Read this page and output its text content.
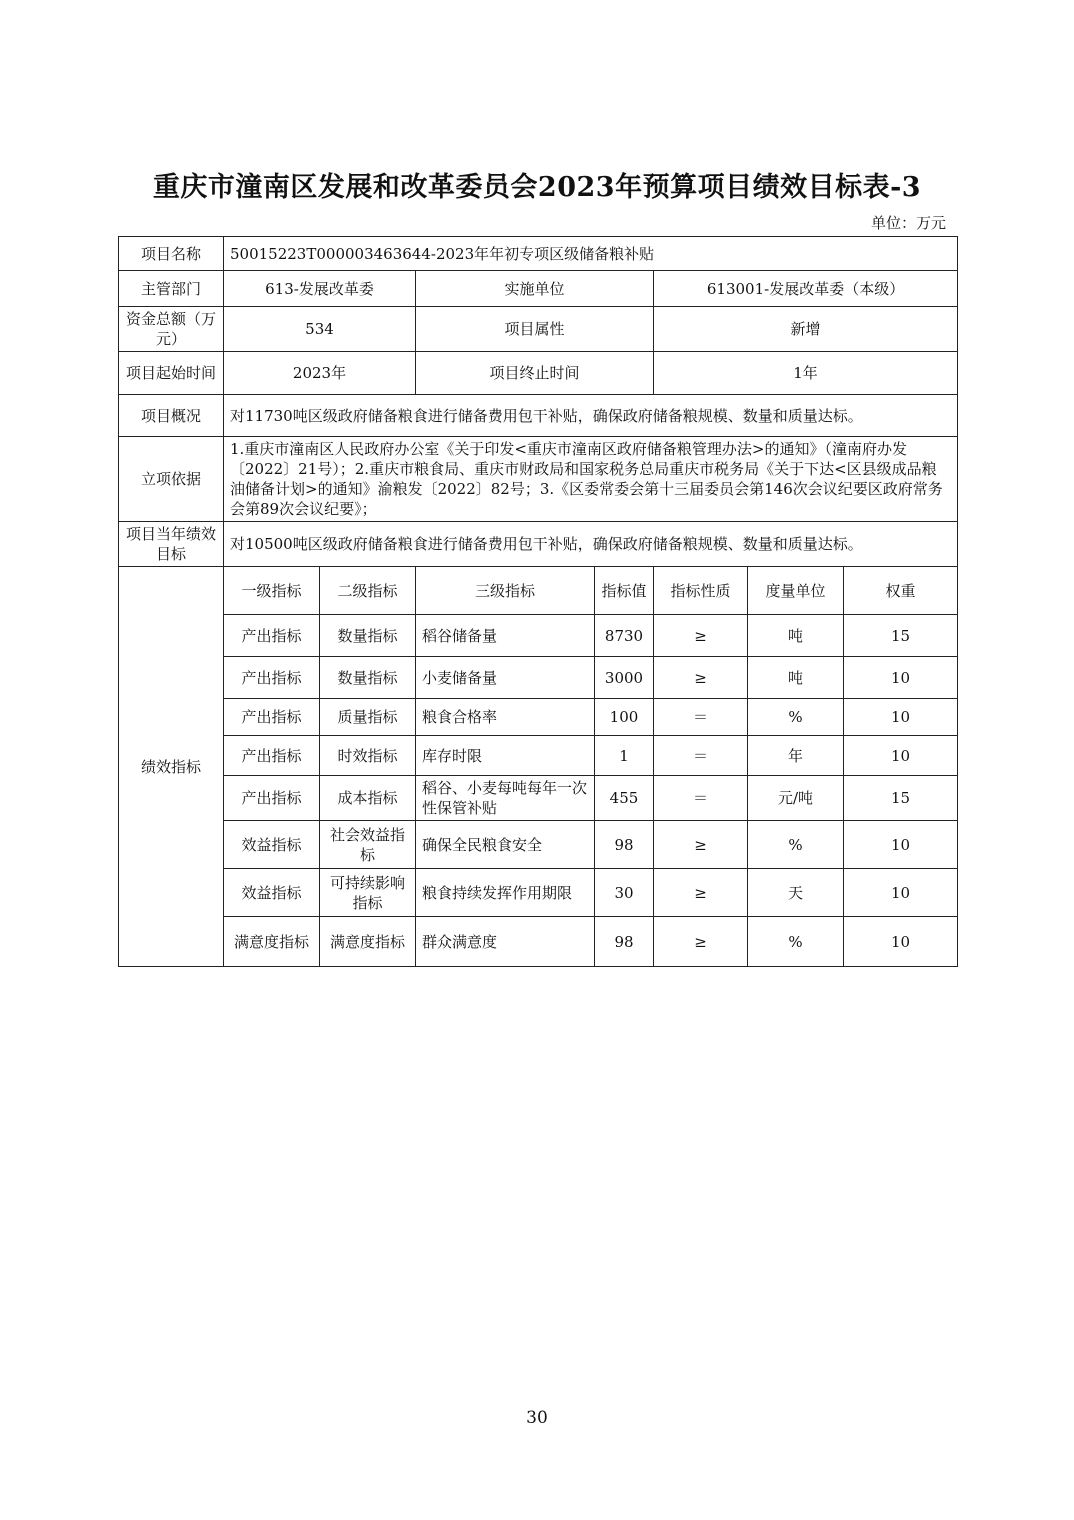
重庆市潼南区发展和改革委员会2023年预算项目绩效目标表-3
单位：万元
项目名称	50015223T000003463644-2023年年初专项区级储备粮补贴						
主管部门	613-发展改革委		实施单位		613001-发展改革委（本级）		
资金总额（万元）	534		项目属性		新增		
项目起始时间	2023年		项目终止时间		1年		
项目概况	对11730吨区级政府储备粮食进行储备费用包干补贴，确保政府储备粮规模、数量和质量达标。						
立项依据	1.重庆市潼南区人民政府办公室《关于印发<重庆市潼南区政府储备粮管理办法>的通知》（潼南府办发〔2022〕21号）；2.重庆市粮食局、重庆市财政局和国家税务总局重庆市税务局《关于下达<区县级成品粮油储备计划>的通知》渝粮发〔2022〕82号；3.《区委常委会第十三届委员会第146次会议纪要区政府常务会第89次会议纪要》；						
项目当年绩效目标	对10500吨区级政府储备粮食进行储备费用包干补贴，确保政府储备粮规模、数量和质量达标。						
绩效指标	一级指标	二级指标	三级指标	指标值	指标性质	度量单位	权重
	产出指标	数量指标	稻谷储备量	8730	≥	吨	15
	产出指标	数量指标	小麦储备量	3000	≥	吨	10
	产出指标	质量指标	粮食合格率	100	＝	%	10
	产出指标	时效指标	库存时限	1	＝	年	10
	产出指标	成本指标	稻谷、小麦每吨每年一次性保管补贴	455	＝	元/吨	15
	效益指标	社会效益指标	确保全民粮食安全	98	≥	%	10
	效益指标	可持续影响指标	粮食持续发挥作用期限	30	≥	天	10
	满意度指标	满意度指标	群众满意度	98	≥	%	10
30
